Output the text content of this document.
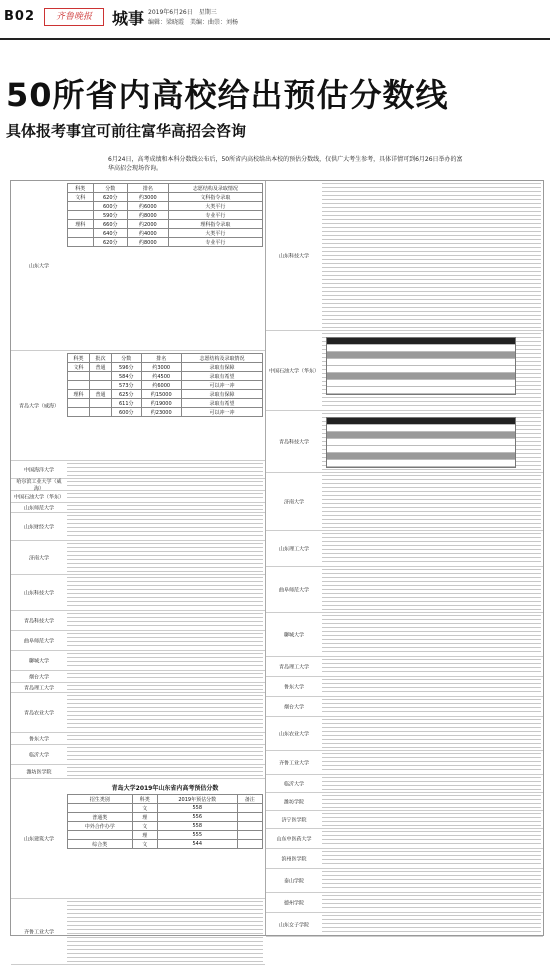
B02	齐鲁晚报	城事 2019年6月26日　星期三
编辑：梁晓霞　美编：曲崇：刘杨
50所省内高校给出预估分数线
具体报考事宜可前往富华高招会咨询

6月24日，高考成绩和本科分数线公布后，50所省内高校给出本校的预估分数线，仅供广大考生参考，具体详情可到6月26日举办的富华高招会现场咨询。

山东大学
科类	分数	排名	志愿结构及录取情况
文科	620分	约3000	文科指令录取
	600分	约6000	大类平行
	590分	约8000	专业平行
理科	660分	约2000	理科指令录取
	640分	约4000	大类平行
	620分	约8000	专业平行
青岛大学（威海）
科类	批次	分数	排名	志愿结构及录取情况
文科	普通	596分	约3000	录取有保障
		584分	约4500	录取有希望
		573分	约6000	可以冲一冲
理科	普通	625分	约15000	录取有保障
		611分	约19000	录取有希望
		600分	约23000	可以冲一冲
中国海洋大学
哈尔滨工业大学（威海）
中国石油大学（华东）
山东师范大学
山东财经大学
济南大学
山东科技大学
青岛科技大学
曲阜师范大学
聊城大学
烟台大学
青岛理工大学
青岛农业大学
鲁东大学
临沂大学
潍坊医学院
山东建筑大学
青岛大学2019年山东省内高考预估分数
招生类别	科类	2019年预估分数	备注
	文	558	
普通类	理	556	
中外合作办学	文	558	
	理	555	
综合类	文	544	
齐鲁工业大学
山东科技大学
中国石油大学（华东）
青岛科技大学
济南大学
山东理工大学
曲阜师范大学
聊城大学
青岛理工大学
鲁东大学
烟台大学
山东农业大学
齐鲁工业大学
临沂大学
潍坊学院
济宁医学院
山东中医药大学
滨州医学院
泰山学院
德州学院
山东女子学院
